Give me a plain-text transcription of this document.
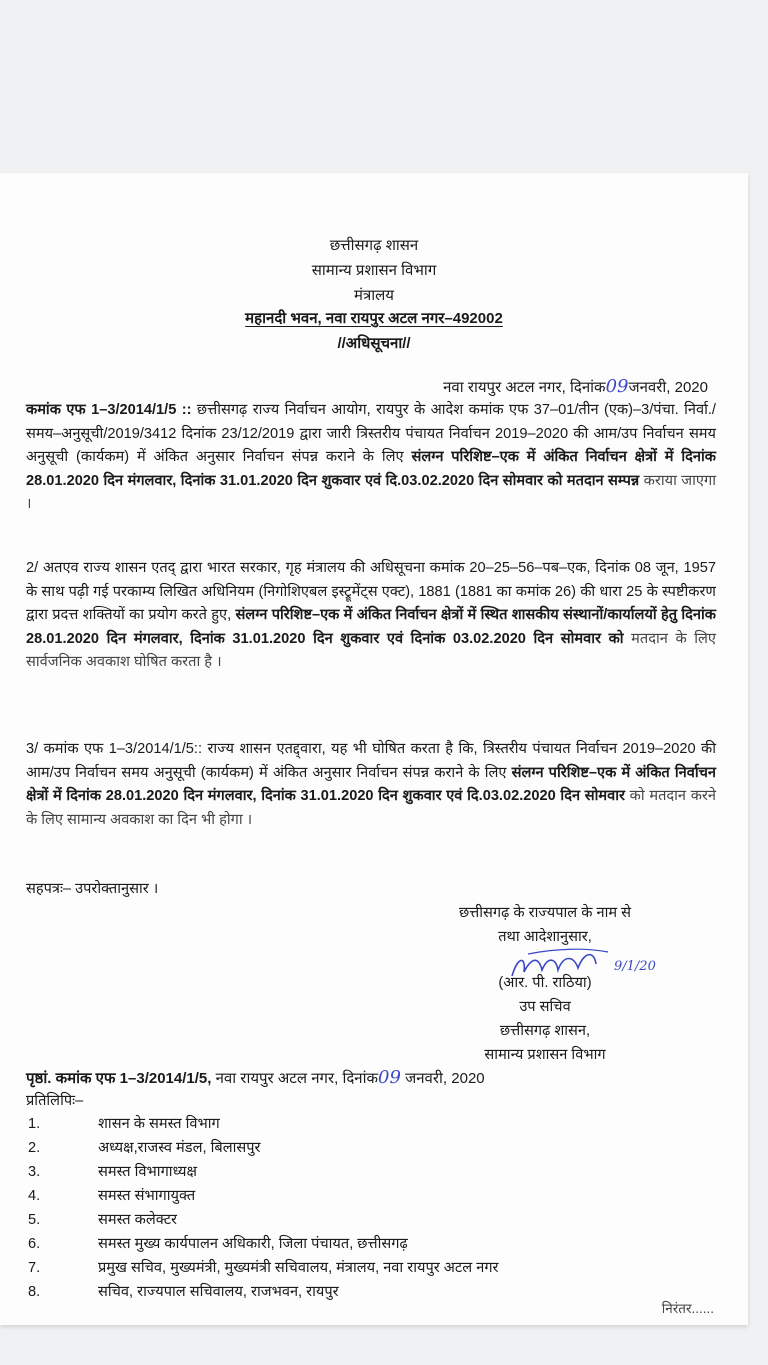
छत्तीसगढ़ शासन
सामान्य प्रशासन विभाग
मंत्रालय
महानदी भवन, नवा रायपुर अटल नगर–492002
//अधिसूचना//
नवा रायपुर अटल नगर, दिनांक09जनवरी, 2020
कमांक एफ 1–3/2014/1/5 :: छत्तीसगढ़ राज्य निर्वाचन आयोग, रायपुर के आदेश कमांक एफ 37–01/तीन (एक)–3/पंचा. निर्वा./समय–अनुसूची/2019/3412 दिनांक 23/12/2019 द्वारा जारी त्रिस्तरीय पंचायत निर्वाचन 2019–2020 की आम/उप निर्वाचन समय अनुसूची (कार्यकम) में अंकित अनुसार निर्वाचन संपन्न कराने के लिए संलग्न परिशिष्ट–एक में अंकित निर्वाचन क्षेत्रों में दिनांक 28.01.2020 दिन मंगलवार, दिनांक 31.01.2020 दिन शुकवार एवं दि.03.02.2020 दिन सोमवार को मतदान सम्पन्न कराया जाएगा ।
2/ अतएव राज्य शासन एतद् द्वारा भारत सरकार, गृह मंत्रालय की अधिसूचना कमांक 20–25–56–पब–एक, दिनांक 08 जून, 1957 के साथ पढ़ी गई परकाम्य लिखित अधिनियम (निगोशिएबल इस्ट्रूमेंट्स एक्ट), 1881 (1881 का कमांक 26) की धारा 25 के स्पष्टीकरण द्वारा प्रदत्त शक्तियों का प्रयोग करते हुए, संलग्न परिशिष्ट–एक में अंकित निर्वाचन क्षेत्रों में स्थित शासकीय संस्थानों/कार्यालयों हेतु दिनांक 28.01.2020 दिन मंगलवार, दिनांक 31.01.2020 दिन शुकवार एवं दिनांक 03.02.2020 दिन सोमवार को मतदान के लिए सार्वजनिक अवकाश घोषित करता है ।
3/ कमांक एफ 1–3/2014/1/5:: राज्य शासन एतद्द्वारा, यह भी घोषित करता है कि, त्रिस्तरीय पंचायत निर्वाचन 2019–2020 की आम/उप निर्वाचन समय अनुसूची (कार्यकम) में अंकित अनुसार निर्वाचन संपन्न कराने के लिए संलग्न परिशिष्ट–एक में अंकित निर्वाचन क्षेत्रों में दिनांक 28.01.2020 दिन मंगलवार, दिनांक 31.01.2020 दिन शुकवार एवं दि.03.02.2020 दिन सोमवार को मतदान करने के लिए सामान्य अवकाश का दिन भी होगा ।
सहपत्रः– उपरोक्तानुसार ।
छत्तीसगढ़ के राज्यपाल के नाम से
तथा आदेशानुसार,
9/1/20
(आर. पी. राठिया)
उप सचिव
छत्तीसगढ़ शासन,
सामान्य प्रशासन विभाग
पृष्ठां. कमांक एफ 1–3/2014/1/5, नवा रायपुर अटल नगर, दिनांक09 जनवरी, 2020
प्रतिलिपिः–
1.	शासन के समस्त विभाग
2.	अध्यक्ष,राजस्व मंडल, बिलासपुर
3.	समस्त विभागाध्यक्ष
4.	समस्त संभागायुक्त
5.	समस्त कलेक्टर
6.	समस्त मुख्य कार्यपालन अधिकारी, जिला पंचायत, छत्तीसगढ़
7.	प्रमुख सचिव, मुख्यमंत्री, मुख्यमंत्री सचिवालय, मंत्रालय, नवा रायपुर अटल नगर
8.	सचिव, राज्यपाल सचिवालय, राजभवन, रायपुर
निरंतर......
